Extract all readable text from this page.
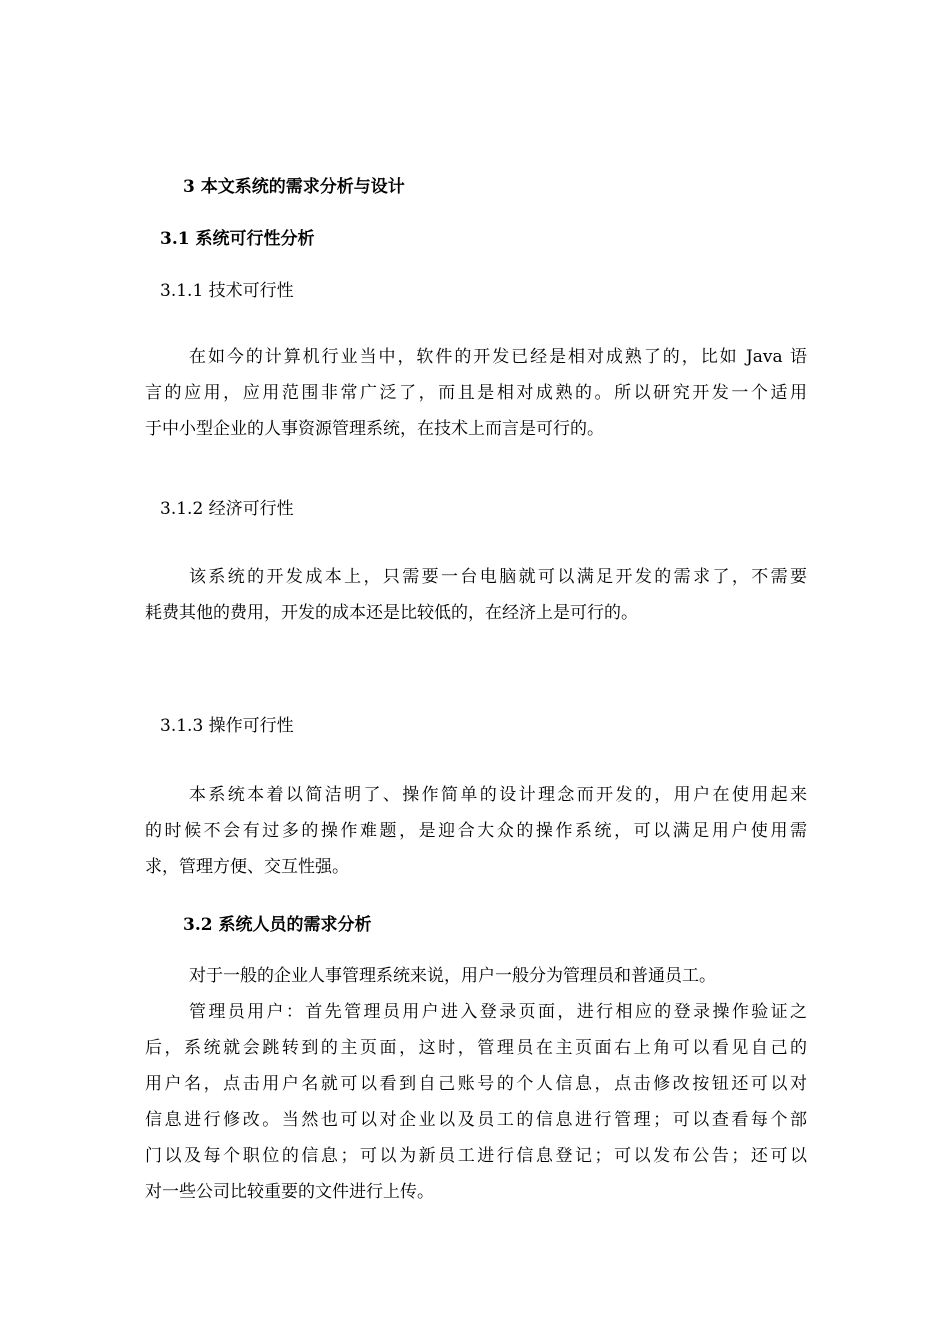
3 本文系统的需求分析与设计
3.1 系统可行性分析
3.1.1 技术可行性
在如今的计算机行业当中，软件的开发已经是相对成熟了的，比如 Java 语
言的应用，应用范围非常广泛了，而且是相对成熟的。所以研究开发一个适用
于中小型企业的人事资源管理系统，在技术上而言是可行的。
3.1.2 经济可行性
该系统的开发成本上，只需要一台电脑就可以满足开发的需求了，不需要
耗费其他的费用，开发的成本还是比较低的，在经济上是可行的。
3.1.3 操作可行性
本系统本着以简洁明了、操作简单的设计理念而开发的，用户在使用起来
的时候不会有过多的操作难题，是迎合大众的操作系统，可以满足用户使用需
求，管理方便、交互性强。
3.2 系统人员的需求分析
对于一般的企业人事管理系统来说，用户一般分为管理员和普通员工。
管理员用户：首先管理员用户进入登录页面，进行相应的登录操作验证之
后，系统就会跳转到的主页面，这时，管理员在主页面右上角可以看见自己的
用户名，点击用户名就可以看到自己账号的个人信息，点击修改按钮还可以对
信息进行修改。当然也可以对企业以及员工的信息进行管理；可以查看每个部
门以及每个职位的信息；可以为新员工进行信息登记；可以发布公告；还可以
对一些公司比较重要的文件进行上传。
